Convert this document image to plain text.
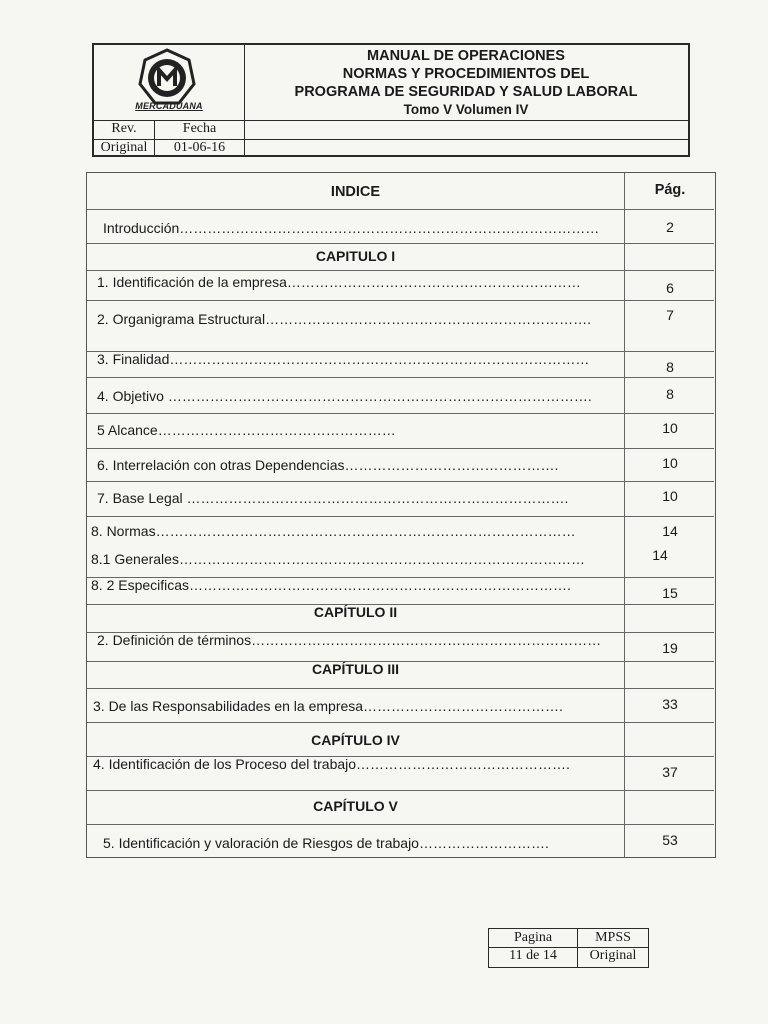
MERCADUANA
MANUAL DE OPERACIONES
NORMAS Y PROCEDIMIENTOS DEL
PROGRAMA DE SEGURIDAD Y SALUD LABORAL
Tomo V Volumen IV
Rev.	Fecha
Original	01-06-16
INDICE	Pág.
Introducción………………………………………………………………………………	2
CAPITULO I
1. Identificación de la empresa………………………………………………………	6
2. Organigrama Estructural…………………………………………………………….	7
3. Finalidad………………………………………………………………………………	8
4. Objetivo ……………………………………………………………………………….	8
5 Alcance……………………………………………	10
6. Interrelación con otras Dependencias……………………………………….	10
7. Base Legal ……………………………………………………………………….	10
8. Normas………………………………………………………………………………	14
8.1 Generales……………………………………………………………………………	14
8. 2 Especificas……………………………………………………………………….	15
CAPÍTULO II
2. Definición de términos…………………………………………………………………	19
CAPÍTULO III
3. De las Responsabilidades en la empresa…………………………………….	33
CAPÍTULO IV
4. Identificación de los Proceso del trabajo……………………………………….	37
CAPÍTULO V
5. Identificación y valoración de Riesgos de trabajo……………………….	53
Pagina	MPSS
11 de 14	Original
